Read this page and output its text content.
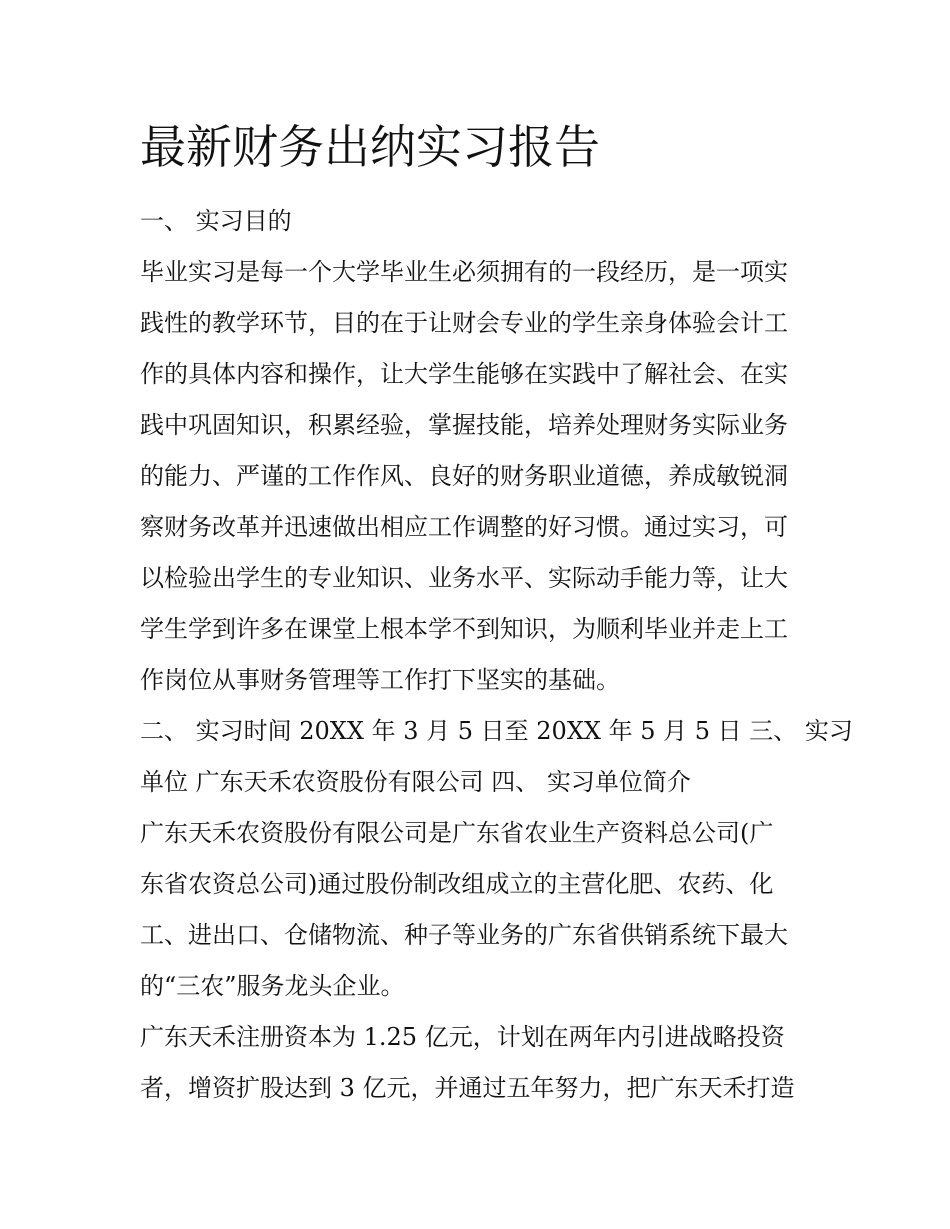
最新财务出纳实习报告

一、 实习目的

毕业实习是每一个大学毕业生必须拥有的一段经历，是一项实

践性的教学环节，目的在于让财会专业的学生亲身体验会计工

作的具体内容和操作，让大学生能够在实践中了解社会、在实

践中巩固知识，积累经验，掌握技能，培养处理财务实际业务

的能力、严谨的工作作风、良好的财务职业道德，养成敏锐洞

察财务改革并迅速做出相应工作调整的好习惯。通过实习，可

以检验出学生的专业知识、业务水平、实际动手能力等，让大

学生学到许多在课堂上根本学不到知识，为顺利毕业并走上工

作岗位从事财务管理等工作打下坚实的基础。

二、 实习时间 20XX 年 3 月 5 日至 20XX 年 5 月 5 日 三、 实习

单位 广东天禾农资股份有限公司 四、 实习单位简介

广东天禾农资股份有限公司是广东省农业生产资料总公司(广

东省农资总公司)通过股份制改组成立的主营化肥、农药、化

工、进出口、仓储物流、种子等业务的广东省供销系统下最大

的“三农”服务龙头企业。

广东天禾注册资本为 1.25 亿元，计划在两年内引进战略投资

者，增资扩股达到 3 亿元，并通过五年努力，把广东天禾打造
